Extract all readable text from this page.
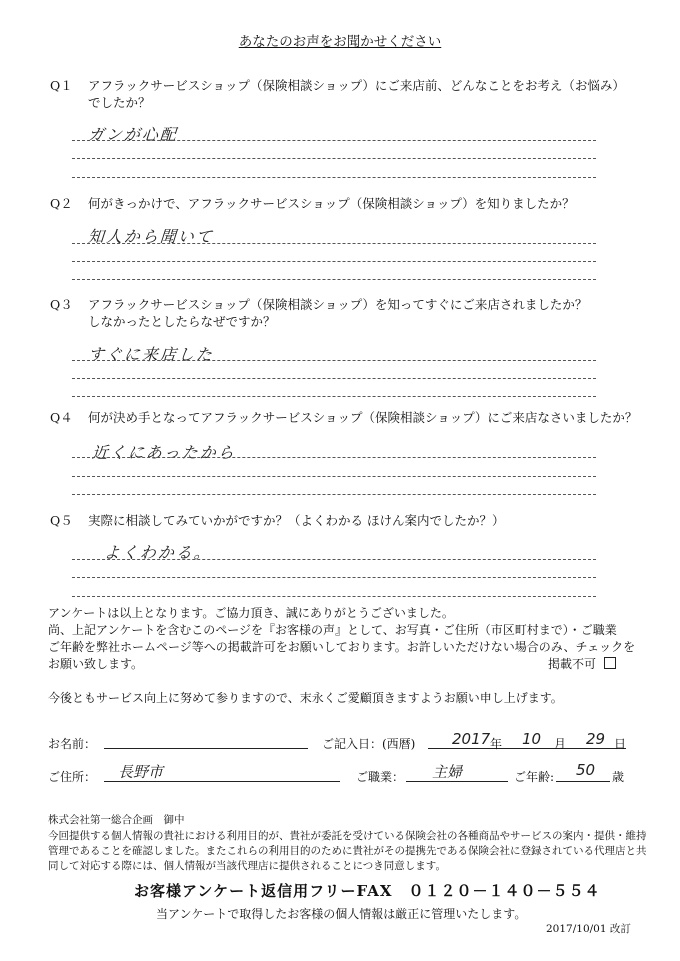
あなたのお声をお聞かせください
Q１ アフラックサービスショップ（保険相談ショップ）にご来店前、どんなことをお考え（お悩み）
でしたか？
ガンが心配
Q２ 何がきっかけで、アフラックサービスショップ（保険相談ショップ）を知りましたか？
知人から聞いて
Q３ アフラックサービスショップ（保険相談ショップ）を知ってすぐにご来店されましたか？
しなかったとしたらなぜですか？
すぐに来店した
Q４ 何が決め手となってアフラックサービスショップ（保険相談ショップ）にご来店なさいましたか？
近くにあったから
Q５ 実際に相談してみていかがですか？（よくわかる ほけん案内でしたか？）
よくわかる。
アンケートは以上となります。ご協力頂き、誠にありがとうございました。
尚、上記アンケートを含むこのページを『お客様の声』として、お写真・ご住所（市区町村まで）・ご職業
ご年齢を弊社ホームページ等への掲載許可をお願いしております。お許しいただけない場合のみ、チェックを
お願い致します。	掲載不可
今後ともサービス向上に努めて参りますので、末永くご愛顧頂きますようお願い申し上げます。
お名前：	ご記入日：(西暦) 2017 年 10 月 29 日
ご住所： 長野市	ご職業： 主婦	ご年齢: 50 歳
株式会社第一総合企画　御中
今回提供する個人情報の貴社における利用目的が、貴社が委託を受けている保険会社の各種商品やサービスの案内・提供・維持
管理であることを確認しました。またこれらの利用目的のために貴社がその提携先である保険会社に登録されている代理店と共
同して対応する際には、個人情報が当該代理店に提供されることにつき同意します。
お客様アンケート返信用フリーFAX　０１２０－１４０－５５４
当アンケートで取得したお客様の個人情報は厳正に管理いたします。
2017/10/01 改訂
